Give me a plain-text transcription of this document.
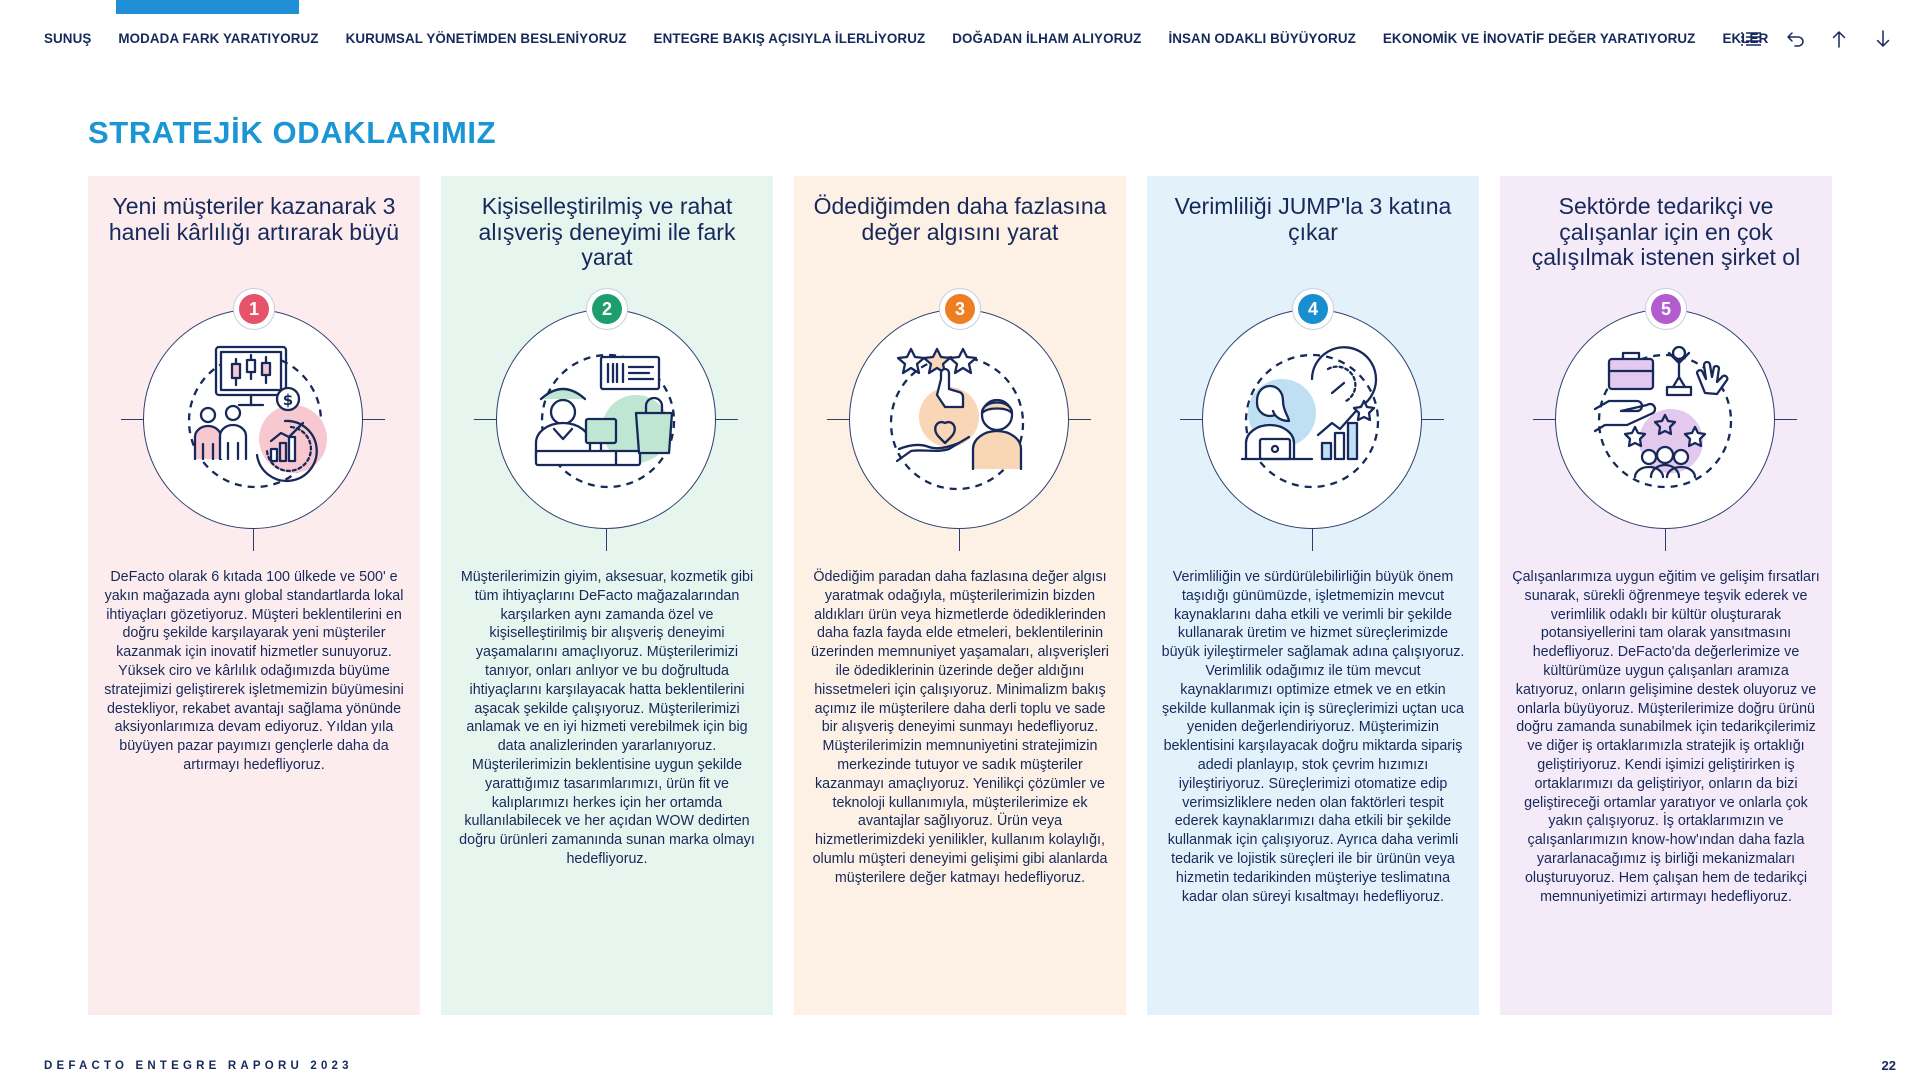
SUNUŞ MODADA FARK YARATIYORUZ KURUMSAL YÖNETİMDEN BESLENİYORUZ ENTEGRE BAKIŞ AÇISIYLA İLERLİYORUZ DOĞADAN İLHAM ALIYORUZ İNSAN ODAKLI BÜYÜYORUZ EKONOMİK VE İNOVATİF DEĞER YARATIYORUZ EKLER
STRATEJİK ODAKLARIMIZ
Yeni müşteriler kazanarak 3 haneli kârlılığı artırarak büyü
$
1
DeFacto olarak 6 kıtada 100 ülkede ve 500' e yakın mağazada aynı global standartlarda lokal ihtiyaçları gözetiyoruz. Müşteri beklentilerini en doğru şekilde karşılayarak yeni müşteriler kazanmak için inovatif hizmetler sunuyoruz. Yüksek ciro ve kârlılık odağımızda büyüme stratejimizi geliştirerek işletmemizin büyümesini destekliyor, rekabet avantajı sağlama yönünde aksiyonlarımıza devam ediyoruz. Yıldan yıla büyüyen pazar payımızı gençlerle daha da artırmayı hedefliyoruz.
Kişiselleştirilmiş ve rahat alışveriş deneyimi ile fark yarat
2
Müşterilerimizin giyim, aksesuar, kozmetik gibi tüm ihtiyaçlarını DeFacto mağazalarından karşılarken aynı zamanda özel ve kişiselleştirilmiş bir alışveriş deneyimi yaşamalarını amaçlıyoruz. Müşterilerimizi tanıyor, onları anlıyor ve bu doğrultuda ihtiyaçlarını karşılayacak hatta beklentilerini aşacak şekilde çalışıyoruz. Müşterilerimizi anlamak ve en iyi hizmeti verebilmek için big data analizlerinden yararlanıyoruz. Müşterilerimizin beklentisine uygun şekilde yarattığımız tasarımlarımızı, ürün fit ve kalıplarımızı herkes için her ortamda kullanılabilecek ve her açıdan WOW dedirten doğru ürünleri zamanında sunan marka olmayı hedefliyoruz.
Ödediğimden daha fazlasına değer algısını yarat
3
Ödediğim paradan daha fazlasına değer algısı yaratmak odağıyla, müşterilerimizin bizden aldıkları ürün veya hizmetlerde ödediklerinden daha fazla fayda elde etmeleri, beklentilerinin üzerinden memnuniyet yaşamaları, alışverişleri ile ödediklerinin üzerinde değer aldığını hissetmeleri için çalışıyoruz. Minimalizm bakış açımız ile müşterilere daha derli toplu ve sade bir alışveriş deneyimi sunmayı hedefliyoruz. Müşterilerimizin memnuniyetini stratejimizin merkezinde tutuyor ve sadık müşteriler kazanmayı amaçlıyoruz. Yenilikçi çözümler ve teknoloji kullanımıyla, müşterilerimize ek avantajlar sağlıyoruz. Ürün veya hizmetlerimizdeki yenilikler, kullanım kolaylığı, olumlu müşteri deneyimi gelişimi gibi alanlarda müşterilere değer katmayı hedefliyoruz.
Verimliliği JUMP'la 3 katına çıkar
4
Verimliliğin ve sürdürülebilirliğin büyük önem taşıdığı günümüzde, işletmemizin mevcut kaynaklarını daha etkili ve verimli bir şekilde kullanarak üretim ve hizmet süreçlerimizde büyük iyileştirmeler sağlamak adına çalışıyoruz. Verimlilik odağımız ile tüm mevcut kaynaklarımızı optimize etmek ve en etkin şekilde kullanmak için iş süreçlerimizi uçtan uca yeniden değerlendiriyoruz. Müşterimizin beklentisini karşılayacak doğru miktarda sipariş adedi planlayıp, stok çevrim hızımızı iyileştiriyoruz. Süreçlerimizi otomatize edip verimsizliklere neden olan faktörleri tespit ederek kaynaklarımızı daha etkili bir şekilde kullanmak için çalışıyoruz. Ayrıca daha verimli tedarik ve lojistik süreçleri ile bir ürünün veya hizmetin tedarikinden müşteriye teslimatına kadar olan süreyi kısaltmayı hedefliyoruz.
Sektörde tedarikçi ve çalışanlar için en çok çalışılmak istenen şirket ol
5
Çalışanlarımıza uygun eğitim ve gelişim fırsatları sunarak, sürekli öğrenmeye teşvik ederek ve verimlilik odaklı bir kültür oluşturarak potansiyellerini tam olarak yansıtmasını hedefliyoruz. DeFacto'da değerlerimize ve kültürümüze uygun çalışanları aramıza katıyoruz, onların gelişimine destek oluyoruz ve onlarla büyüyoruz. Müşterilerimize doğru ürünü doğru zamanda sunabilmek için tedarikçilerimiz ve diğer iş ortaklarımızla stratejik iş ortaklığı geliştiriyoruz. Kendi işimizi geliştirirken iş ortaklarımızı da geliştiriyor, onların da bizi geliştireceği ortamlar yaratıyor ve onlarla çok yakın çalışıyoruz. İş ortaklarımızın ve çalışanlarımızın know-how'ından daha fazla yararlanacağımız iş birliği mekanizmaları oluşturuyoruz. Hem çalışan hem de tedarikçi memnuniyetimizi artırmayı hedefliyoruz.
DEFACTO ENTEGRE RAPORU 2023	22
